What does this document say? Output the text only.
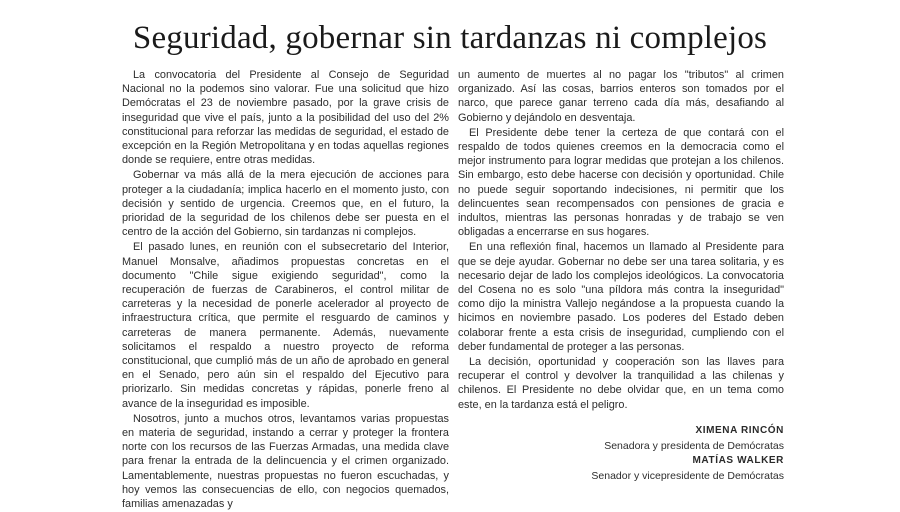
Seguridad, gobernar sin tardanzas ni complejos

La convocatoria del Presidente al Consejo de Seguridad Nacional no la podemos sino valorar. Fue una solicitud que hizo Demócratas el 23 de noviembre pasado, por la grave crisis de inseguridad que vive el país, junto a la posibilidad del uso del 2% constitucional para reforzar las medidas de seguridad, el estado de excepción en la Región Metropolitana y en todas aquellas regiones donde se requiere, entre otras medidas.

Gobernar va más allá de la mera ejecución de acciones para proteger a la ciudadanía; implica hacerlo en el momento justo, con decisión y sentido de urgencia. Creemos que, en el futuro, la prioridad de la seguridad de los chilenos debe ser puesta en el centro de la acción del Gobierno, sin tardanzas ni complejos.

El pasado lunes, en reunión con el subsecretario del Interior, Manuel Monsalve, añadimos propuestas concretas en el documento "Chile sigue exigiendo seguridad", como la recuperación de fuerzas de Carabineros, el control militar de carreteras y la necesidad de ponerle acelerador al proyecto de infraestructura crítica, que permite el resguardo de caminos y carreteras de manera permanente. Además, nuevamente solicitamos el respaldo a nuestro proyecto de reforma constitucional, que cumplió más de un año de aprobado en general en el Senado, pero aún sin el respaldo del Ejecutivo para priorizarlo. Sin medidas concretas y rápidas, ponerle freno al avance de la inseguridad es imposible.

Nosotros, junto a muchos otros, levantamos varias propuestas en materia de seguridad, instando a cerrar y proteger la frontera norte con los recursos de las Fuerzas Armadas, una medida clave para frenar la entrada de la delincuencia y el crimen organizado. Lamentablemente, nuestras propuestas no fueron escuchadas, y hoy vemos las consecuencias de ello, con negocios quemados, familias amenazadas y

un aumento de muertes al no pagar los "tributos" al crimen organizado. Así las cosas, barrios enteros son tomados por el narco, que parece ganar terreno cada día más, desafiando al Gobierno y dejándolo en desventaja.

El Presidente debe tener la certeza de que contará con el respaldo de todos quienes creemos en la democracia como el mejor instrumento para lograr medidas que protejan a los chilenos. Sin embargo, esto debe hacerse con decisión y oportunidad. Chile no puede seguir soportando indecisiones, ni permitir que los delincuentes sean recompensados con pensiones de gracia e indultos, mientras las personas honradas y de trabajo se ven obligadas a encerrarse en sus hogares.

En una reflexión final, hacemos un llamado al Presidente para que se deje ayudar. Gobernar no debe ser una tarea solitaria, y es necesario dejar de lado los complejos ideológicos. La convocatoria del Cosena no es solo "una píldora más contra la inseguridad" como dijo la ministra Vallejo negándose a la propuesta cuando la hicimos en noviembre pasado. Los poderes del Estado deben colaborar frente a esta crisis de inseguridad, cumpliendo con el deber fundamental de proteger a las personas.

La decisión, oportunidad y cooperación son las llaves para recuperar el control y devolver la tranquilidad a las chilenas y chilenos. El Presidente no debe olvidar que, en un tema como este, en la tardanza está el peligro.

XIMENA RINCÓN

Senadora y presidenta de Demócratas

MATÍAS WALKER

Senador y vicepresidente de Demócratas
